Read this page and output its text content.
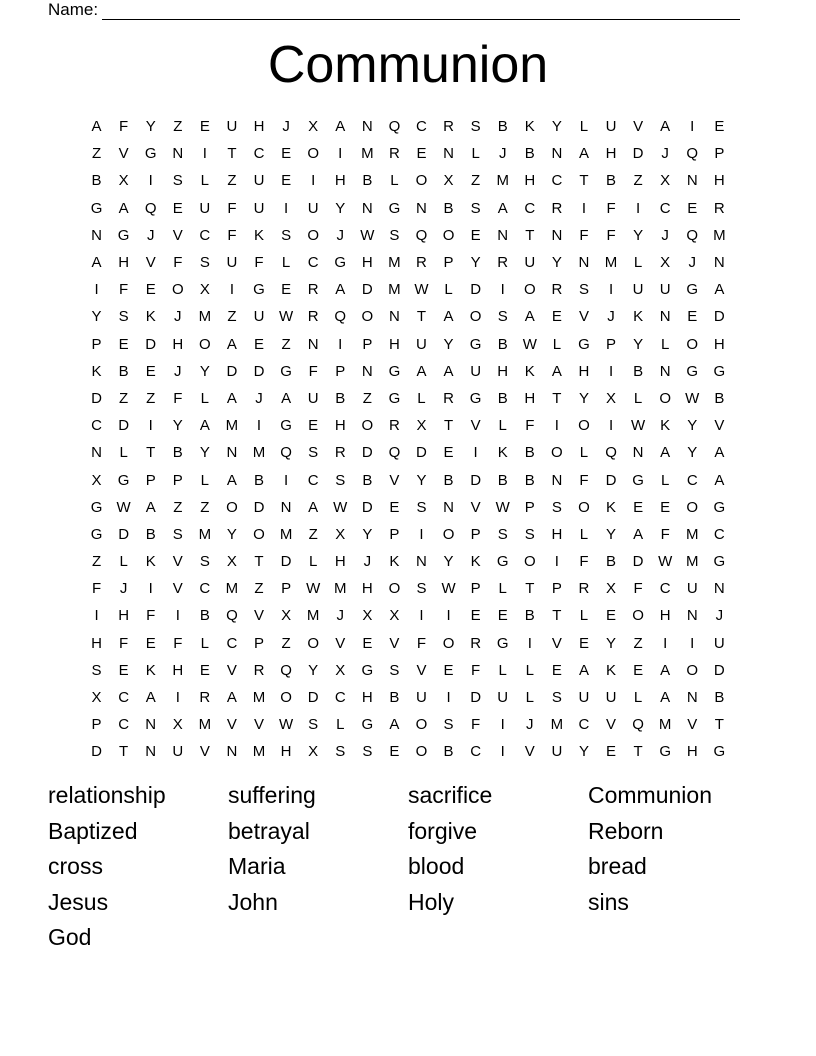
Name:
Communion
A	F	Y	Z	E	U	H	J	X	A	N	Q	C	R	S	B	K	Y	L	U	V	A	I	E
Z	V	G	N	I	T	C	E	O	I	M	R	E	N	L	J	B	N	A	H	D	J	Q	P
B	X	I	S	L	Z	U	E	I	H	B	L	O	X	Z	M	H	C	T	B	Z	X	N	H
G	A	Q	E	U	F	U	I	U	Y	N	G	N	B	S	A	C	R	I	F	I	C	E	R
N	G	J	V	C	F	K	S	O	J	W S	Q	O	E	N	T	N	F	F	Y	J	Q M
A	H	V	F	S	U	F	L	C	G	H	M	R	P	Y	R	U	Y	N	M	L	X	J	N
I	F	E	O	X	I	G	E	R	A	D	M W	L	D	I	O	R	S	I	U	U	G	A
Y	S	K	J	M	Z	U W R	Q	O	N	T	A	O	S	A	E	V	J	K	N	E	D
P	E	D	H	O	A	E	Z	N	I	P	H	U	Y	G	B W	L	G	P	Y	L	O	H
K	B	E	J	Y	D	D	G	F	P	N	G	A	A	U	H	K	A	H	I	B	N	G	G
D	Z	Z	F	L	A	J	A	U	B	Z	G	L	R	G	B	H	T	Y	X	L	O W B
C	D	I	Y	A	M	I	G	E	H	O	R	X	T	V	L	F	I	O	I	W K	Y	V
N	L	T	B	Y	N	M	Q	S	R	D	Q	D	E	I	K	B	O	L	Q	N	A	Y	A
X	G	P	P	L	A	B	I	C	S	B	V	Y	B	D	B	B	N	F	D	G	L	C	A
G W A	Z	Z	O	D	N	A W D	E	S	N	V W P	S	O	K	E	E	O	G
G	D	B	S	M	Y	O M	Z	X	Y	P	I	O	P	S	S	H	L	Y	A	F	M	C
Z	L	K	V	S	X	T	D	L	H	J	K	N	Y	K	G	O	I	F	B	D W M	G
F	J	I	V	C	M	Z	P W M	H	O	S W P	L	T	P	R	X	F	C	U	N
I	H	F	I	B	Q	V	X	M	J	X	X	I	I	E	E	B	T	L	E	O	H	N	J
H	F	E	F	L	C	P	Z	O	V	E	V	F	O	R	G	I	V	E	Y	Z	I	I	U
S	E	K	H	E	V	R	Q	Y	X	G	S	V	E	F	L	L	E	A	K	E	A	O	D
X	C	A	I	R	A	M	O	D	C	H	B	U	I	D	U	L	S	U	U	L	A	N	B
P	C	N	X	M	V	V W S	L	G	A	O	S	F	I	J	M	C	V	Q M	V	T
D	T	N	U	V	N	M	H	X	S	S	E	O	B	C	I	V	U	Y	E	T	G	H	G
relationship	suffering	sacrifice	Communion
Baptized	betrayal	forgive	Reborn
cross	Maria	blood	bread
Jesus	John	Holy	sins
God
